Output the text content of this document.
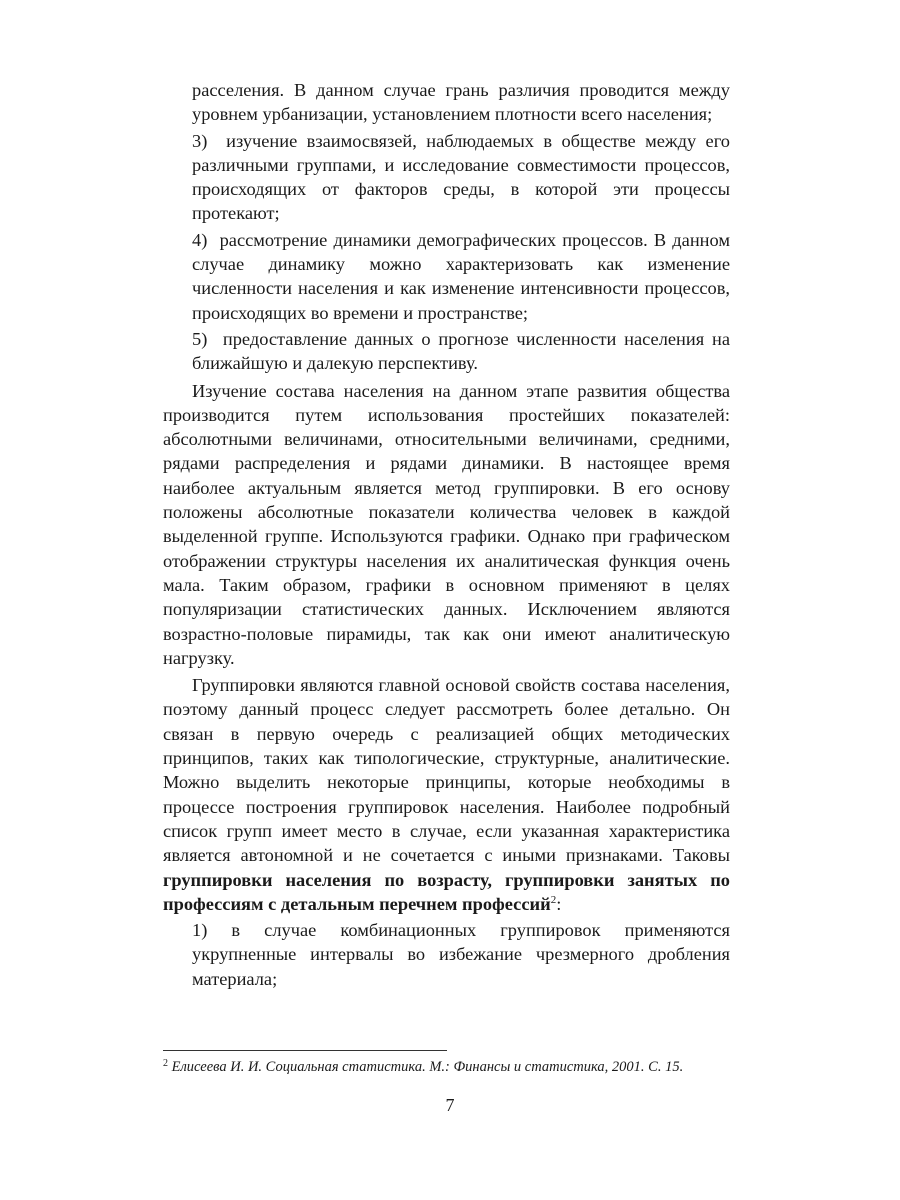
расселения. В данном случае грань различия проводится между уровнем урбанизации, установлением плотности всего населения;

3)  изучение взаимосвязей, наблюдаемых в обществе между его различными группами, и исследование совместимости процессов, происходящих от факторов среды, в которой эти процессы протекают;

4)  рассмотрение динамики демографических процессов. В данном случае динамику можно характеризовать как изменение численности населения и как изменение интенсивности процессов, происходящих во времени и пространстве;

5)  предоставление данных о прогнозе численности населения на ближайшую и далекую перспективу.

Изучение состава населения на данном этапе развития общества производится путем использования простейших показателей: абсолютными величинами, относительными величинами, средними, рядами распределения и рядами динамики. В настоящее время наиболее актуальным является метод группировки. В его основу положены абсолютные показатели количества человек в каждой выделенной группе. Используются графики. Однако при графическом отображении структуры населения их аналитическая функция очень мала. Таким образом, графики в основном применяют в целях популяризации статистических данных. Исключением являются возрастно-половые пирамиды, так как они имеют аналитическую нагрузку.

Группировки являются главной основой свойств состава населения, поэтому данный процесс следует рассмотреть более детально. Он связан в первую очередь с реализацией общих методических принципов, таких как типологические, структурные, аналитические. Можно выделить некоторые принципы, которые необходимы в процессе построения группировок населения. Наиболее подробный список групп имеет место в случае, если указанная характеристика является автономной и не сочетается с иными признаками. Таковы группировки населения по возрасту, группировки занятых по профессиям с детальным перечнем профессий$^2$:

1) в случае комбинационных группировок применяются укрупненные интервалы во избежание чрезмерного дробления материала;

$^2$ Елисеева И. И. Социальная статистика. М.: Финансы и статистика, 2001. С. 15.
7
